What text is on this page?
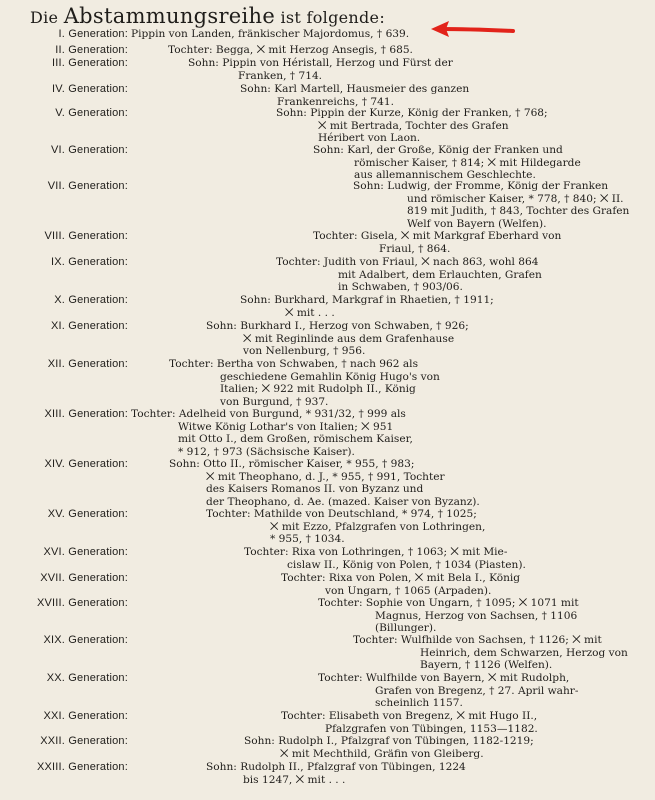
Die Abstammungsreihe ist folgende:
I. Generation: Pippin von Landen, fränkischer Majordomus, † 639.
II. Generation:	Tochter: Begga, ⨉ mit Herzog Ansegis, † 685.
III. Generation:	Sohn: Pippin von Héristall, Herzog und Fürst der
Franken, † 714.
IV. Generation:	Sohn: Karl Martell, Hausmeier des ganzen
Frankenreichs, † 741.
V. Generation:	Sohn: Pippin der Kurze, König der Franken, † 768;
⨉ mit Bertrada, Tochter des Grafen
Héribert von Laon.
VI. Generation:	Sohn: Karl, der Große, König der Franken und
römischer Kaiser, † 814; ⨉ mit Hildegarde
aus allemannischem Geschlechte.
VII. Generation:	Sohn: Ludwig, der Fromme, König der Franken
und römischer Kaiser, * 778, † 840; ⨉ II.
819 mit Judith, † 843, Tochter des Grafen
Welf von Bayern (Welfen).
VIII. Generation:	Tochter: Gisela, ⨉ mit Markgraf Eberhard von
Friaul, † 864.
IX. Generation:	Tochter: Judith von Friaul, ⨉ nach 863, wohl 864
mit Adalbert, dem Erlauchten, Grafen
in Schwaben, † 903/06.
X. Generation:	Sohn: Burkhard, Markgraf in Rhaetien, † 1911;
⨉ mit . . .
XI. Generation:	Sohn: Burkhard I., Herzog von Schwaben, † 926;
⨉ mit Reginlinde aus dem Grafenhause
von Nellenburg, † 956.
XII. Generation:	Tochter: Bertha von Schwaben, † nach 962 als
geschiedene Gemahlin König Hugo's von
Italien; ⨉ 922 mit Rudolph II., König
von Burgund, † 937.
XIII. Generation: Tochter: Adelheid von Burgund, * 931/32, † 999 als
Witwe König Lothar's von Italien; ⨉ 951
mit Otto I., dem Großen, römischem Kaiser,
* 912, † 973 (Sächsische Kaiser).
XIV. Generation:	Sohn: Otto II., römischer Kaiser, * 955, † 983;
⨉ mit Theophano, d. J., * 955, † 991, Tochter
des Kaisers Romanos II. von Byzanz und
der Theophano, d. Ae. (mazed. Kaiser von Byzanz).
XV. Generation:	Tochter: Mathilde von Deutschland, * 974, † 1025;
⨉ mit Ezzo, Pfalzgrafen von Lothringen,
* 955, † 1034.
XVI. Generation:	Tochter: Rixa von Lothringen, † 1063; ⨉ mit Mie-
cislaw II., König von Polen, † 1034 (Piasten).
XVII. Generation:	Tochter: Rixa von Polen, ⨉ mit Bela I., König
von Ungarn, † 1065 (Arpaden).
XVIII. Generation:	Tochter: Sophie von Ungarn, † 1095; ⨉ 1071 mit
Magnus, Herzog von Sachsen, † 1106
(Billunger).
XIX. Generation:	Tochter: Wulfhilde von Sachsen, † 1126; ⨉ mit
Heinrich, dem Schwarzen, Herzog von
Bayern, † 1126 (Welfen).
XX. Generation:	Tochter: Wulfhilde von Bayern, ⨉ mit Rudolph,
Grafen von Bregenz, † 27. April wahr-
scheinlich 1157.
XXI. Generation:	Tochter: Elisabeth von Bregenz, ⨉ mit Hugo II.,
Pfalzgrafen von Tübingen, 1153—1182.
XXII. Generation:	Sohn: Rudolph I., Pfalzgraf von Tübingen, 1182-1219;
⨉ mit Mechthild, Gräfin von Gleiberg.
XXIII. Generation:	Sohn: Rudolph II., Pfalzgraf von Tübingen, 1224
bis 1247, ⨉ mit . . .
